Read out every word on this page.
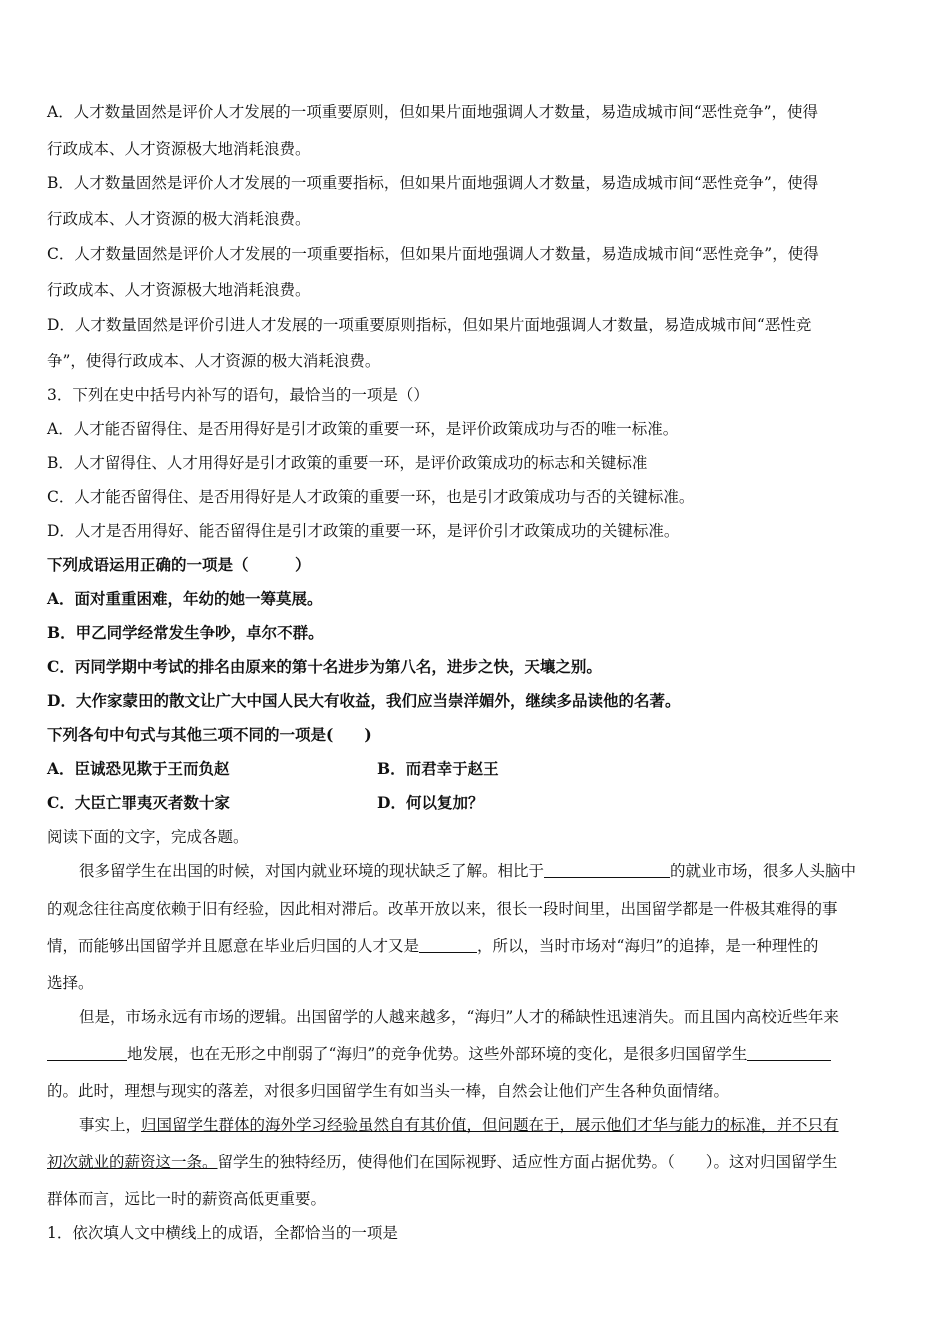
A．人才数量固然是评价人才发展的一项重要原则，但如果片面地强调人才数量，易造成城市间“恶性竞争”，使得
行政成本、人才资源极大地消耗浪费。
B．人才数量固然是评价人才发展的一项重要指标，但如果片面地强调人才数量，易造成城市间“恶性竞争”，使得
行政成本、人才资源的极大消耗浪费。
C．人才数量固然是评价人才发展的一项重要指标，但如果片面地强调人才数量，易造成城市间“恶性竞争”，使得
行政成本、人才资源极大地消耗浪费。
D．人才数量固然是评价引进人才发展的一项重要原则指标，但如果片面地强调人才数量，易造成城市间“恶性竞
争”，使得行政成本、人才资源的极大消耗浪费。
3．下列在史中括号内补写的语句，最恰当的一项是（）
A．人才能否留得住、是否用得好是引才政策的重要一环，是评价政策成功与否的唯一标准。
B．人才留得住、人才用得好是引才政策的重要一环，是评价政策成功的标志和关键标准
C．人才能否留得住、是否用得好是人才政策的重要一环，也是引才政策成功与否的关键标准。
D．人才是否用得好、能否留得住是引才政策的重要一环，是评价引才政策成功的关键标准。
下列成语运用正确的一项是（　　　）
A．面对重重困难，年幼的她一筹莫展。
B．甲乙同学经常发生争吵，卓尔不群。
C．丙同学期中考试的排名由原来的第十名进步为第八名，进步之快，天壤之别。
D．大作家蒙田的散文让广大中国人民大有收益，我们应当崇洋媚外，继续多品读他的名著。
下列各句中句式与其他三项不同的一项是(　　)
A．臣诚恐见欺于王而负赵	B．而君幸于赵王
C．大臣亡罪夷灭者数十家	D．何以复加？
阅读下面的文字，完成各题。
很多留学生在出国的时候，对国内就业环境的现状缺乏了解。相比于	的就业市场，很多人头脑中
的观念往往高度依赖于旧有经验，因此相对滞后。改革开放以来，很长一段时间里，出国留学都是一件极其难得的事
情，而能够出国留学并且愿意在毕业后归国的人才又是	，所以，当时市场对“海归”的追捧，是一种理性的
选择。
但是，市场永远有市场的逻辑。出国留学的人越来越多，“海归”人才的稀缺性迅速消失。而且国内高校近些年来
地发展，也在无形之中削弱了“海归”的竞争优势。这些外部环境的变化，是很多归国留学生
的。此时，理想与现实的落差，对很多归国留学生有如当头一棒，自然会让他们产生各种负面情绪。
事实上，归国留学生群体的海外学习经验虽然自有其价值，但问题在于，展示他们才华与能力的标准，并不只有
初次就业的薪资这一条。留学生的独特经历，使得他们在国际视野、适应性方面占据优势。（　　）。这对归国留学生
群体而言，远比一时的薪资高低更重要。
1．依次填人文中横线上的成语，全都恰当的一项是
